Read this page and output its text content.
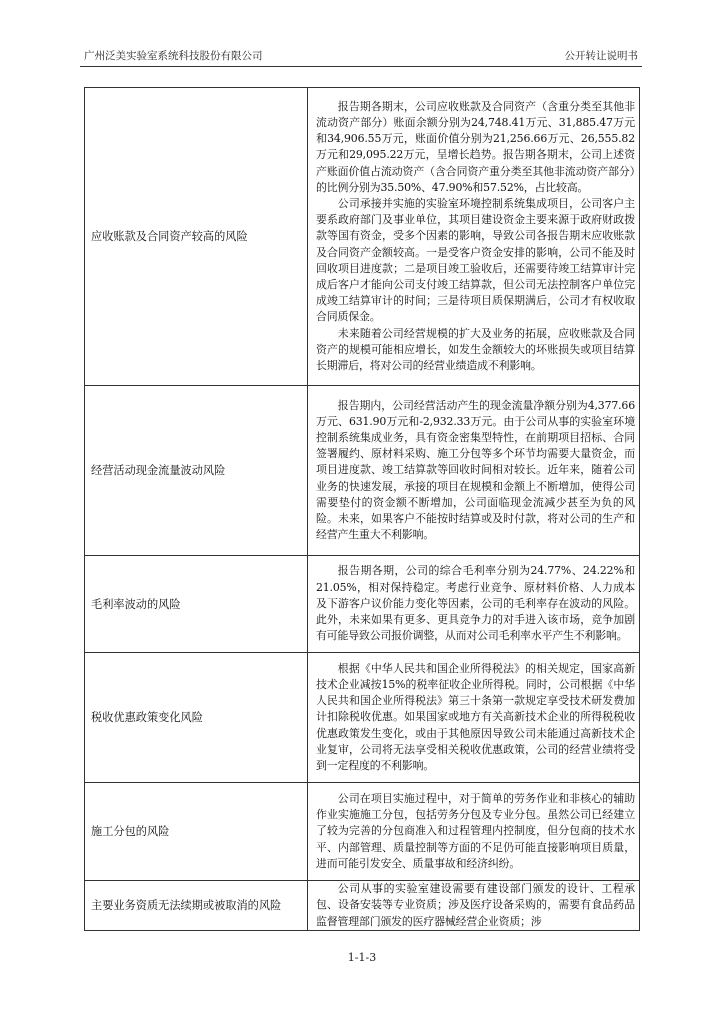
广州泛美实验室系统科技股份有限公司	公开转让说明书
应收账款及合同资产较高的风险	报告期各期末，公司应收账款及合同资产（含重分类至其他非流动资产部分）账面余额分别为24,748.41万元、31,885.47万元和34,906.55万元，账面价值分别为21,256.66万元、26,555.82万元和29,095.22万元，呈增长趋势。报告期各期末，公司上述资产账面价值占流动资产（含合同资产重分类至其他非流动资产部分）的比例分别为35.50%、47.90%和57.52%，占比较高。

公司承接并实施的实验室环境控制系统集成项目，公司客户主要系政府部门及事业单位，其项目建设资金主要来源于政府财政拨款等国有资金，受多个因素的影响，导致公司各报告期末应收账款及合同资产金额较高。一是受客户资金安排的影响，公司不能及时回收项目进度款；二是项目竣工验收后，还需要待竣工结算审计完成后客户才能向公司支付竣工结算款，但公司无法控制客户单位完成竣工结算审计的时间；三是待项目质保期满后，公司才有权收取合同质保金。

未来随着公司经营规模的扩大及业务的拓展，应收账款及合同资产的规模可能相应增长，如发生金额较大的坏账损失或项目结算长期滞后，将对公司的经营业绩造成不利影响。

经营活动现金流量波动风险	报告期内，公司经营活动产生的现金流量净额分别为4,377.66万元、631.90万元和-2,932.33万元。由于公司从事的实验室环境控制系统集成业务，具有资金密集型特性，在前期项目招标、合同签署履约、原材料采购、施工分包等多个环节均需要大量资金，而项目进度款、竣工结算款等回收时间相对较长。近年来，随着公司业务的快速发展，承接的项目在规模和金额上不断增加，使得公司需要垫付的资金额不断增加，公司面临现金流减少甚至为负的风险。未来，如果客户不能按时结算或及时付款，将对公司的生产和经营产生重大不利影响。

毛利率波动的风险	报告期各期，公司的综合毛利率分别为24.77%、24.22%和21.05%，相对保持稳定。考虑行业竞争、原材料价格、人力成本及下游客户议价能力变化等因素，公司的毛利率存在波动的风险。此外，未来如果有更多、更具竞争力的对手进入该市场，竞争加剧有可能导致公司报价调整，从而对公司毛利率水平产生不利影响。

税收优惠政策变化风险	根据《中华人民共和国企业所得税法》的相关规定，国家高新技术企业减按15%的税率征收企业所得税。同时，公司根据《中华人民共和国企业所得税法》第三十条第一款规定享受技术研发费加计扣除税收优惠。如果国家或地方有关高新技术企业的所得税税收优惠政策发生变化，或由于其他原因导致公司未能通过高新技术企业复审，公司将无法享受相关税收优惠政策，公司的经营业绩将受到一定程度的不利影响。

施工分包的风险	公司在项目实施过程中，对于简单的劳务作业和非核心的辅助作业实施施工分包，包括劳务分包及专业分包。虽然公司已经建立了较为完善的分包商准入和过程管理内控制度，但分包商的技术水平、内部管理、质量控制等方面的不足仍可能直接影响项目质量，进而可能引发安全、质量事故和经济纠纷。

主要业务资质无法续期或被取消的风险	公司从事的实验室建设需要有建设部门颁发的设计、工程承包、设备安装等专业资质；涉及医疗设备采购的，需要有食品药品监督管理部门颁发的医疗器械经营企业资质；涉

1-1-3
